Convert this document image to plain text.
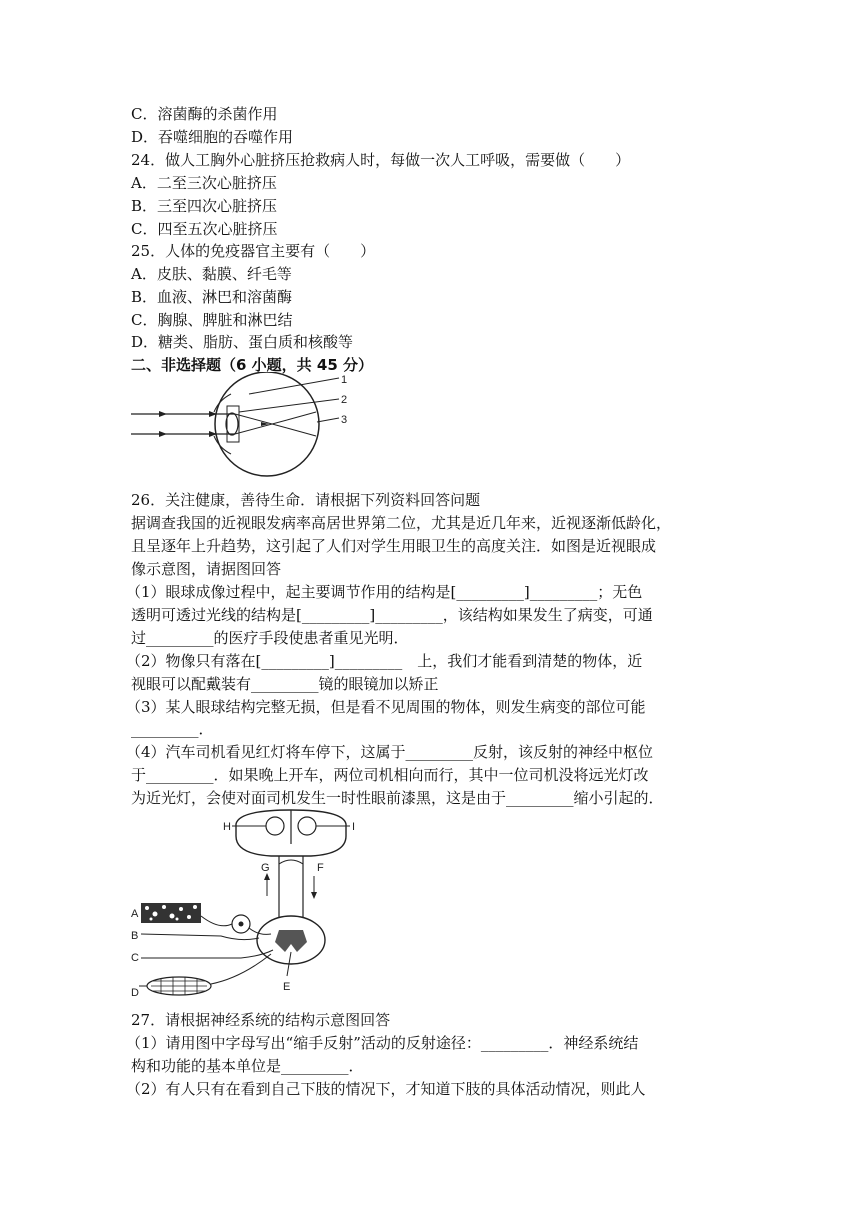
C．溶菌酶的杀菌作用
D．吞噬细胞的吞噬作用
24．做人工胸外心脏挤压抢救病人时，每做一次人工呼吸，需要做（　　）
A．二至三次心脏挤压
B．三至四次心脏挤压
C．四至五次心脏挤压
25．人体的免疫器官主要有（　　）
A．皮肤、黏膜、纤毛等
B．血液、淋巴和溶菌酶
C．胸腺、脾脏和淋巴结
D．糖类、脂肪、蛋白质和核酸等
二、非选择题（6 小题，共 45 分）
1
2
3
26．关注健康，善待生命．请根据下列资料回答问题
据调查我国的近视眼发病率高居世界第二位，尤其是近几年来，近视逐渐低龄化，
且呈逐年上升趋势，这引起了人们对学生用眼卫生的高度关注．如图是近视眼成
像示意图，请据图回答
（1）眼球成像过程中，起主要调节作用的结构是[_________]_________；无色
透明可透过光线的结构是[_________]_________，该结构如果发生了病变，可通
过_________的医疗手段使患者重见光明．
（2）物像只有落在[_________]_________　上，我们才能看到清楚的物体，近
视眼可以配戴装有_________镜的眼镜加以矫正
（3）某人眼球结构完整无损，但是看不见周围的物体，则发生病变的部位可能
_________．
（4）汽车司机看见红灯将车停下，这属于_________反射，该反射的神经中枢位
于_________．如果晚上开车，两位司机相向而行，其中一位司机没将远光灯改
为近光灯，会使对面司机发生一时性眼前漆黑，这是由于_________缩小引起的．
H	I
G	F
E
A
B
C
D
27．请根据神经系统的结构示意图回答
（1）请用图中字母写出“缩手反射”活动的反射途径：_________．神经系统结
构和功能的基本单位是_________．
（2）有人只有在看到自己下肢的情况下，才知道下肢的具体活动情况，则此人
